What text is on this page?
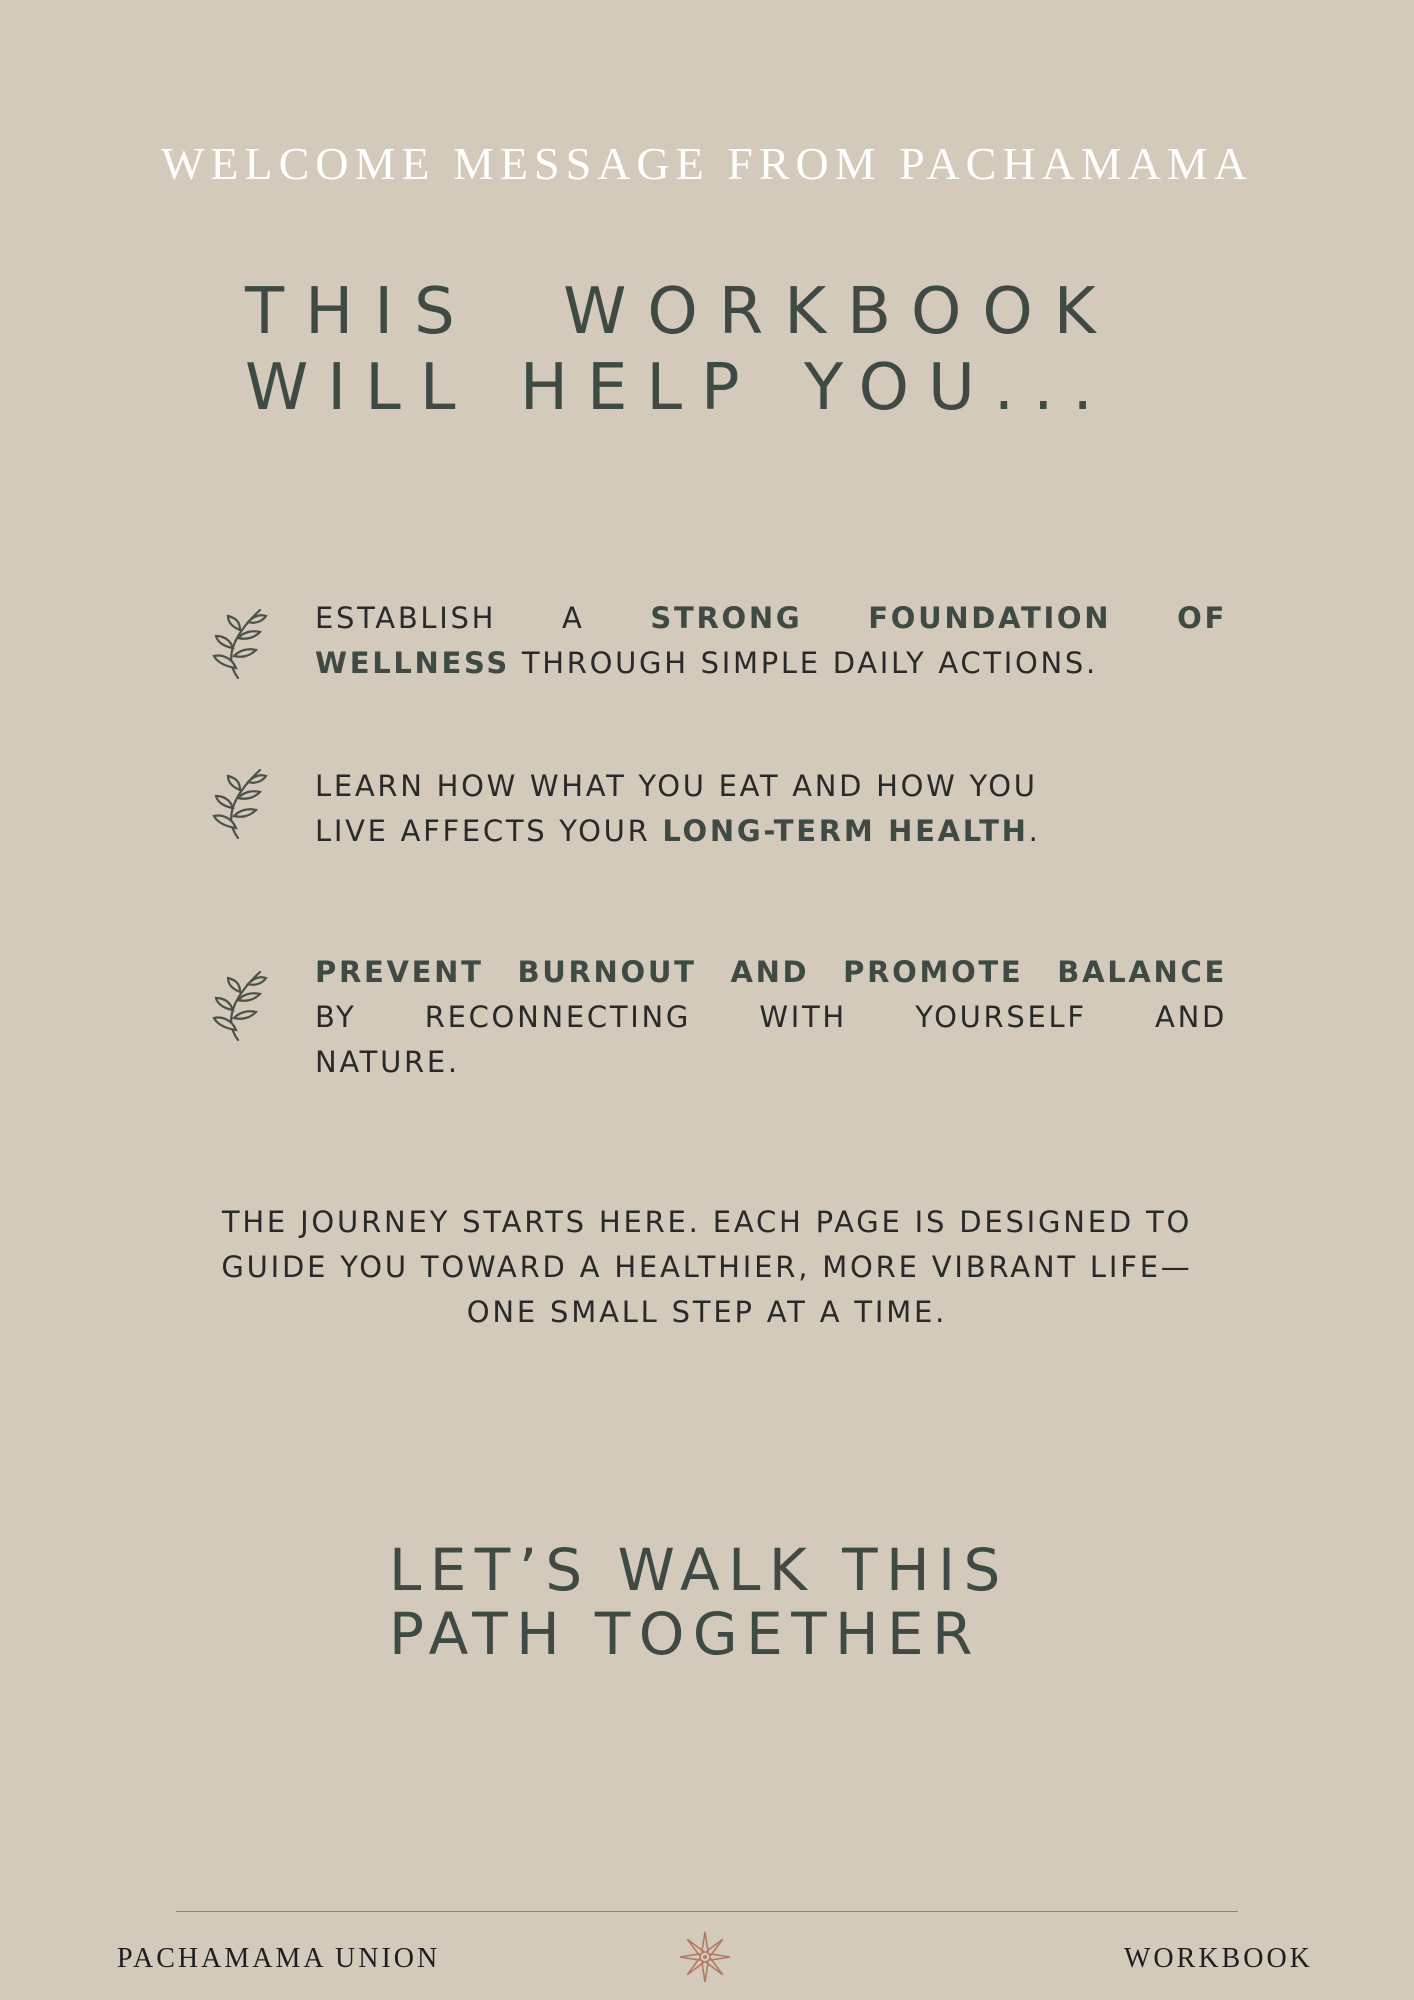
WELCOME MESSAGE FROM PACHAMAMA
THIS WORKBOOK
WILL HELP YOU...
ESTABLISH A STRONG FOUNDATION OF
WELLNESS THROUGH SIMPLE DAILY ACTIONS.
LEARN HOW WHAT YOU EAT AND HOW YOU
LIVE AFFECTS YOUR LONG-TERM HEALTH.
PREVENT BURNOUT AND PROMOTE BALANCE
BY RECONNECTING WITH YOURSELF AND
NATURE.
THE JOURNEY STARTS HERE. EACH PAGE IS DESIGNED TO
GUIDE YOU TOWARD A HEALTHIER, MORE VIBRANT LIFE—
ONE SMALL STEP AT A TIME.
LET’S WALK THIS
PATH TOGETHER
PACHAMAMA UNION	WORKBOOK
